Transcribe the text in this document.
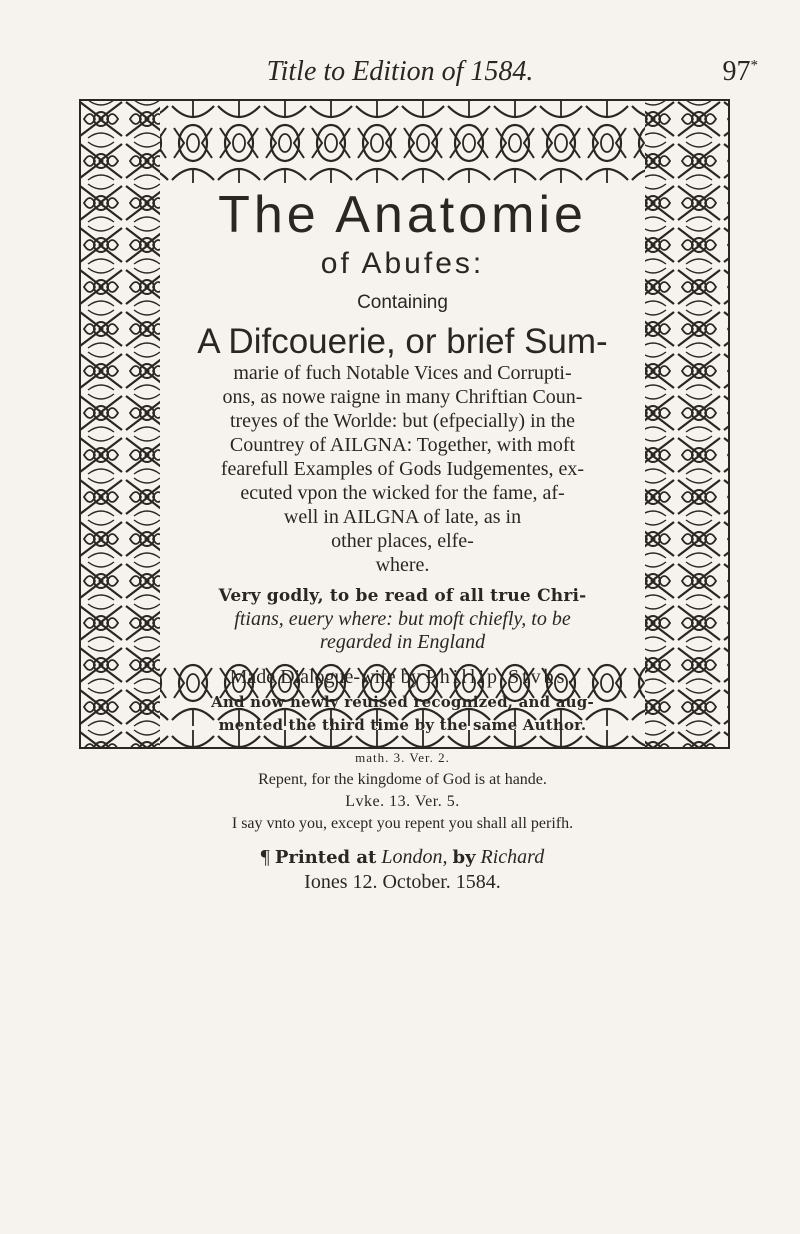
Title to Edition of 1584.	97*
The Anatomie
of Abufes:
Containing
A Difcouerie, or brief Sum-
marie of fuch Notable Vices and Corrupti-
ons, as nowe raigne in many Chriftian Coun-
treyes of the Worlde: but (efpecially) in the
Countrey of AILGNA: Together, with moft
fearefull Examples of Gods Iudgementes, ex-
ecuted vpon the wicked for the fame, af-
well in AILGNA of late, as in
other places, elfe-
where.
Very godly, to be read of all true Chri-
ftians, euery where: but moft chiefly, to be
regarded in England
Made Dialogue-wife by Phillip Stvbs.
And now newly reuised recognized, and aug-
mented the third time by the same Author.
math. 3. Ver. 2.
Repent, for the kingdome of God is at hande.
Lvke. 13. Ver. 5.
I say vnto you, except you repent you shall all perifh.
¶ Printed at London, by Richard
Iones 12. October. 1584.
